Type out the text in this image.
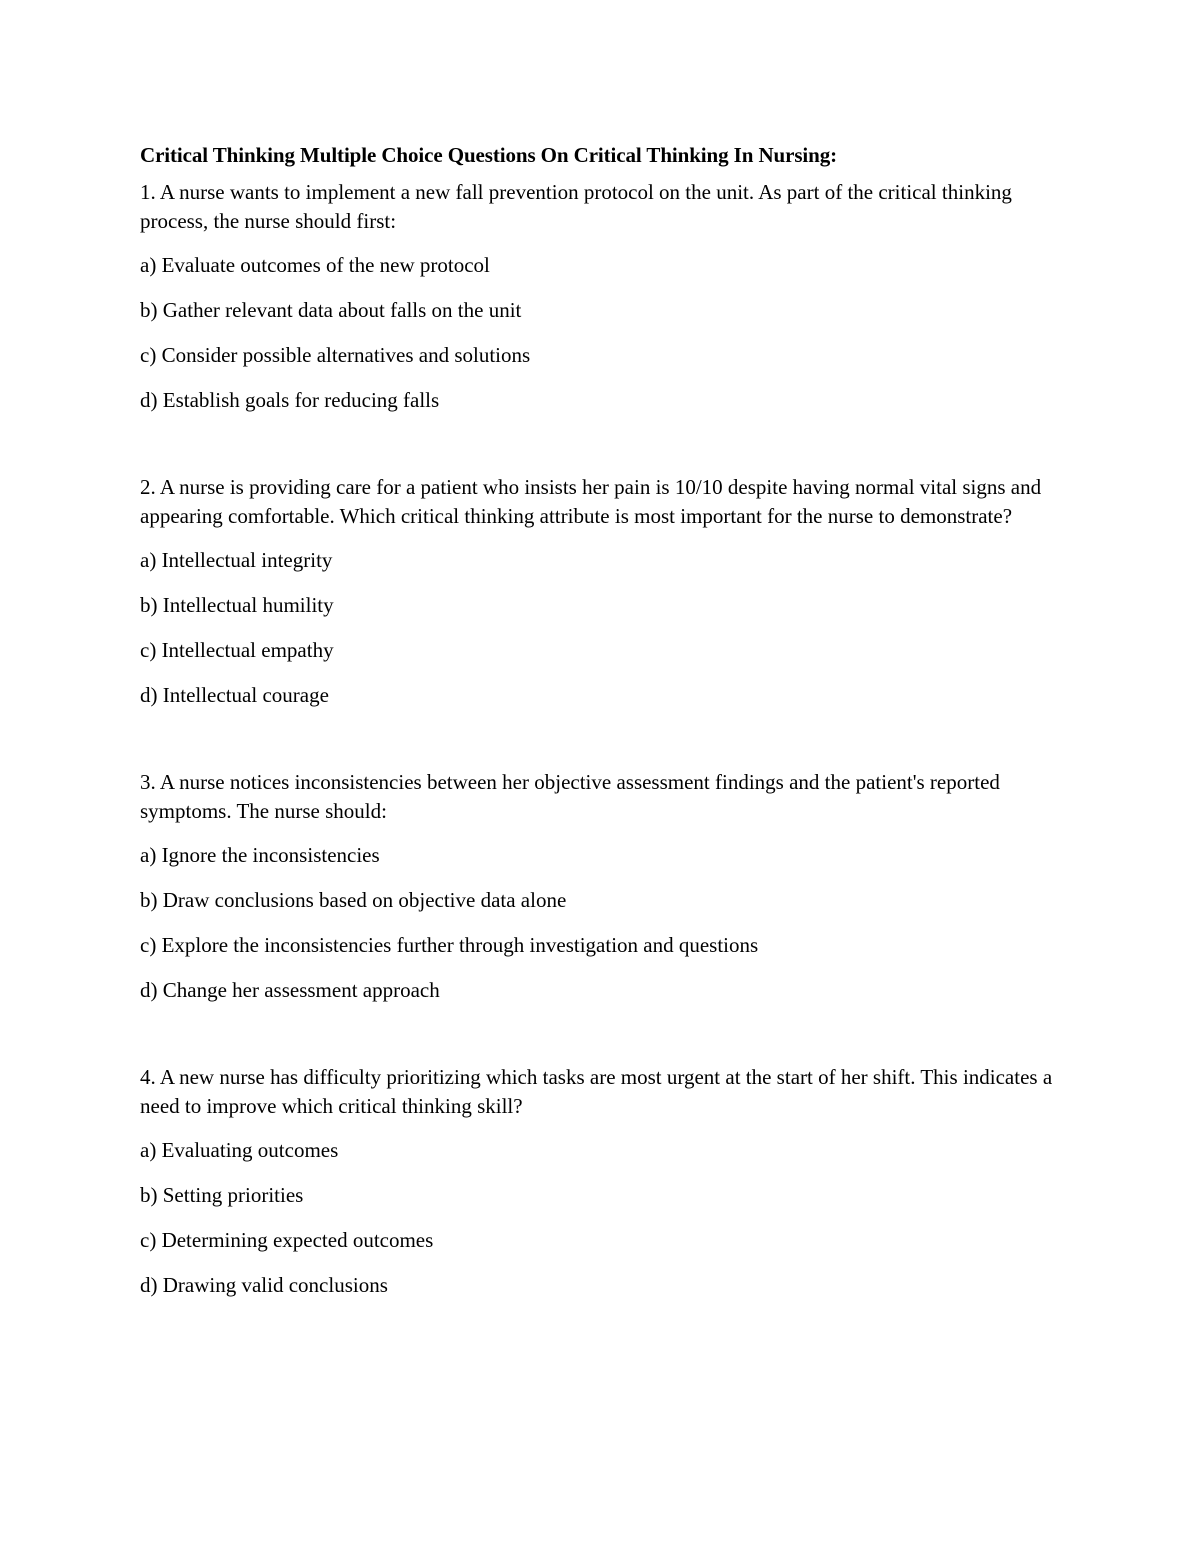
Critical Thinking Multiple Choice Questions On Critical Thinking In Nursing:

1. A nurse wants to implement a new fall prevention protocol on the unit. As part of the critical thinking process, the nurse should first:

a) Evaluate outcomes of the new protocol

b) Gather relevant data about falls on the unit

c) Consider possible alternatives and solutions

d) Establish goals for reducing falls

2. A nurse is providing care for a patient who insists her pain is 10/10 despite having normal vital signs and appearing comfortable. Which critical thinking attribute is most important for the nurse to demonstrate?

a) Intellectual integrity

b) Intellectual humility

c) Intellectual empathy

d) Intellectual courage

3. A nurse notices inconsistencies between her objective assessment findings and the patient's reported symptoms. The nurse should:

a) Ignore the inconsistencies

b) Draw conclusions based on objective data alone

c) Explore the inconsistencies further through investigation and questions

d) Change her assessment approach

4. A new nurse has difficulty prioritizing which tasks are most urgent at the start of her shift. This indicates a need to improve which critical thinking skill?

a) Evaluating outcomes

b) Setting priorities

c) Determining expected outcomes

d) Drawing valid conclusions
